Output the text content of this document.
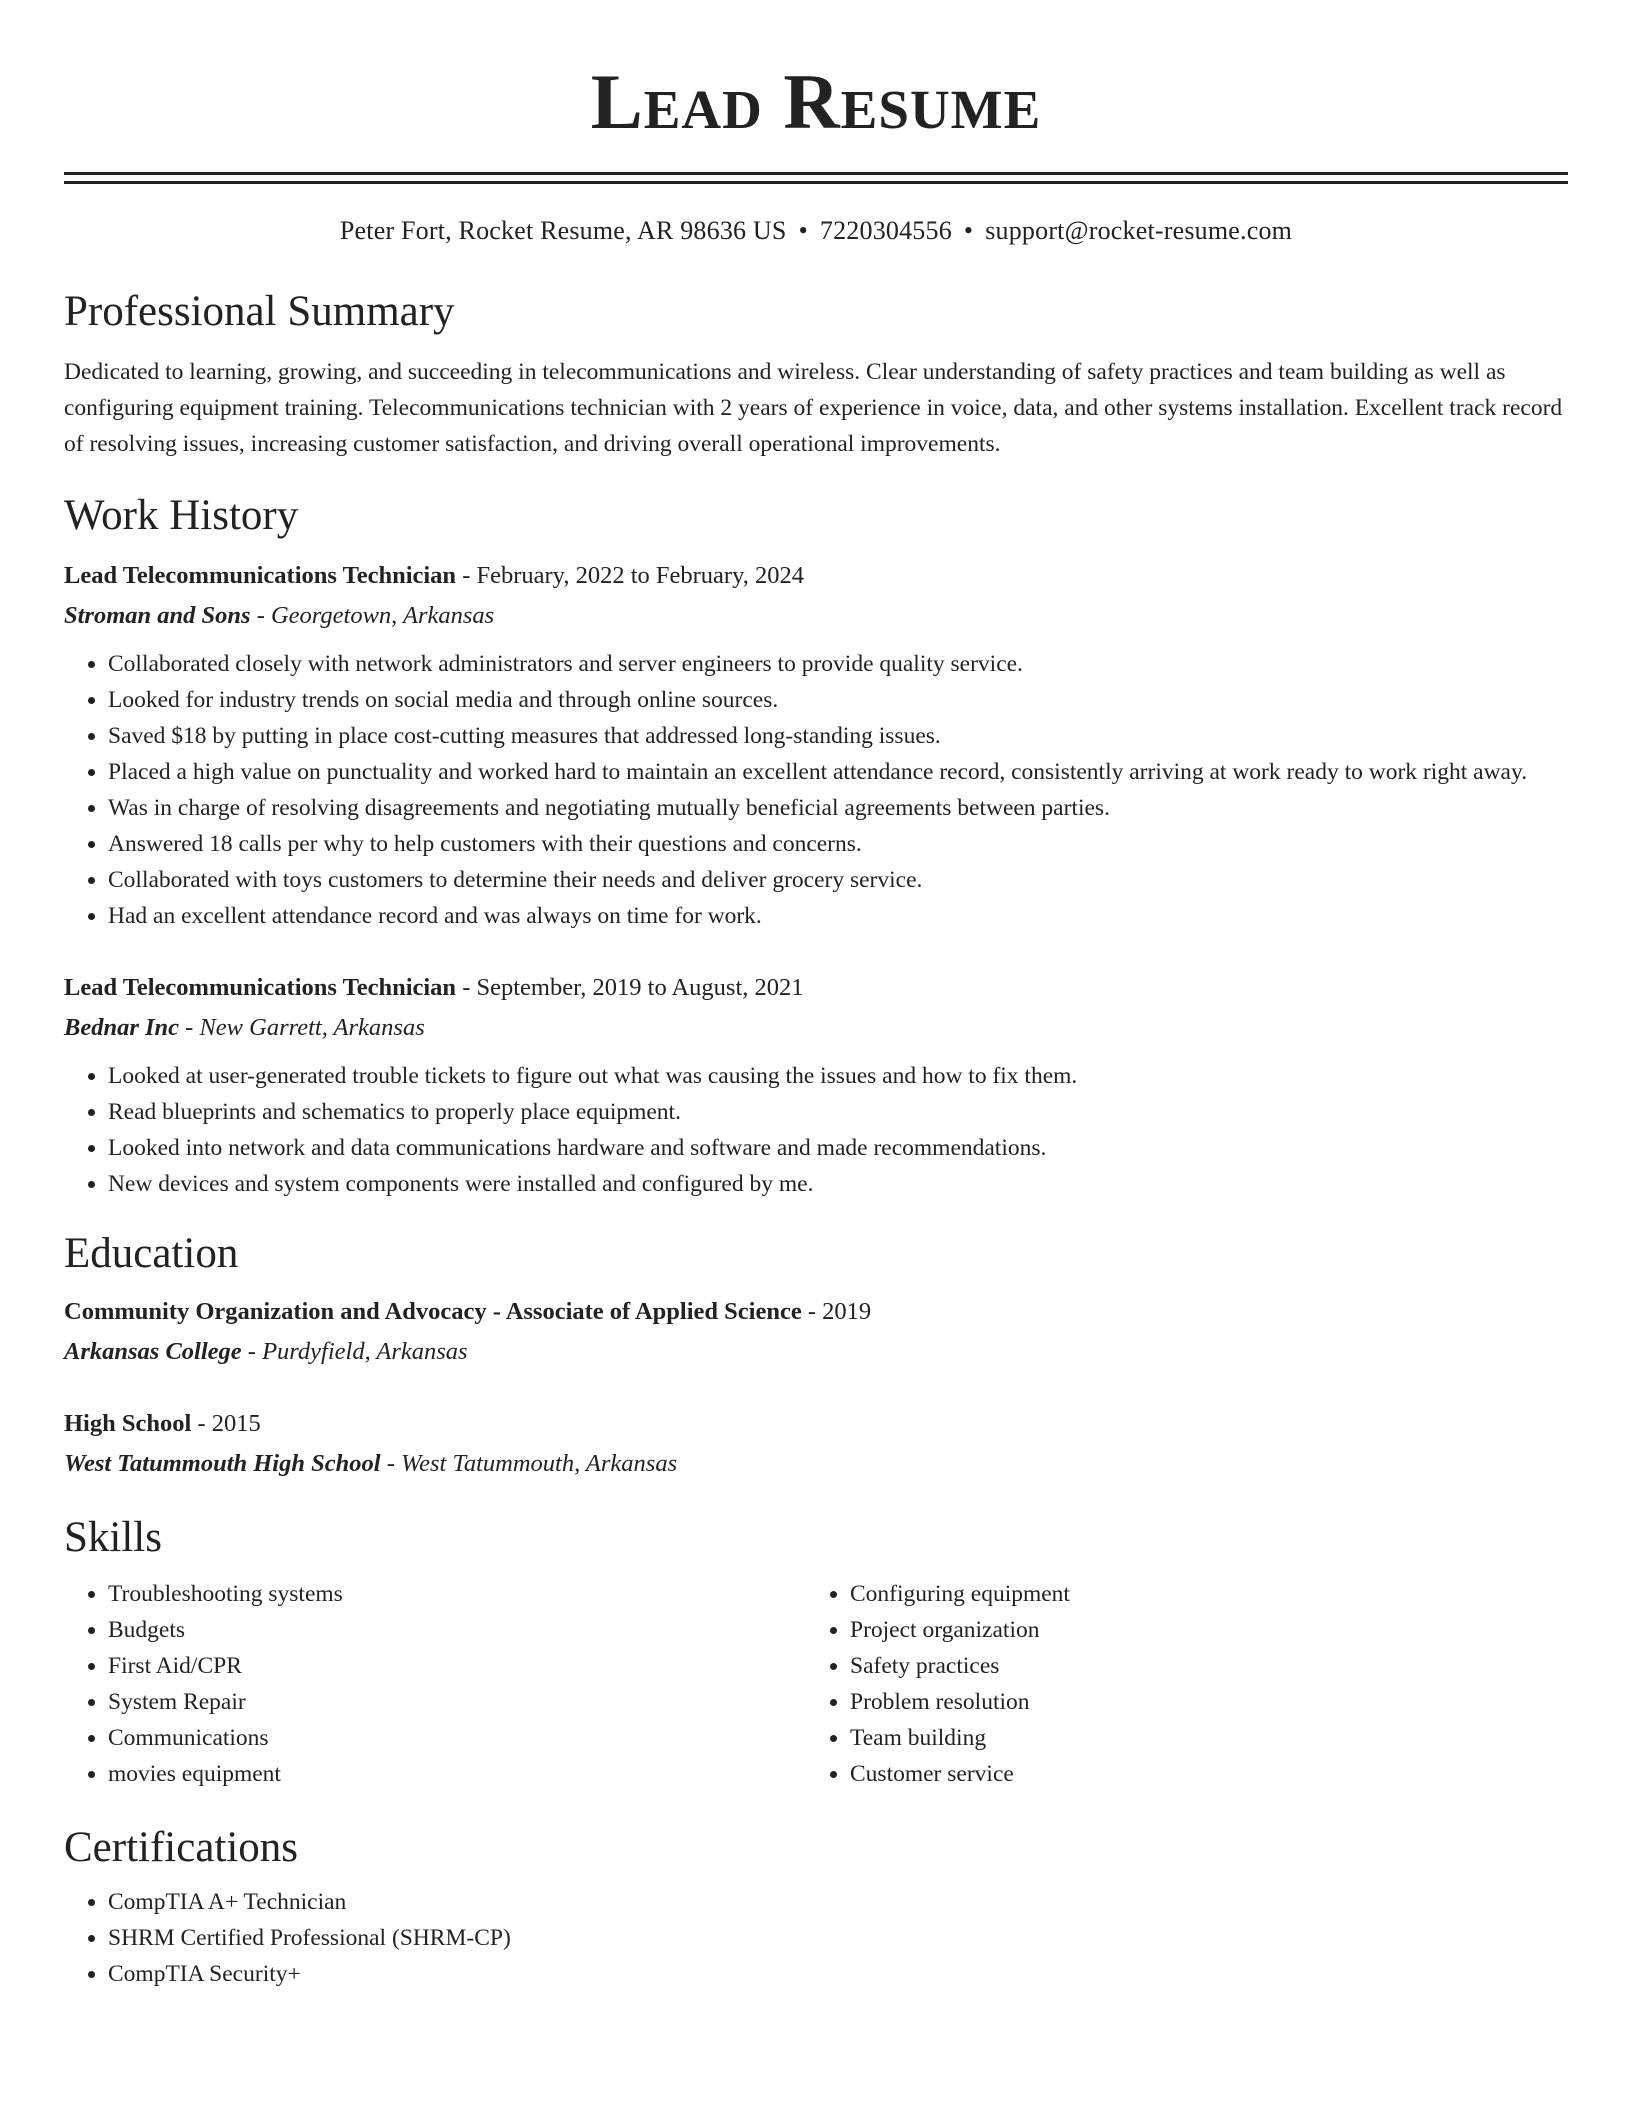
Lead Resume
Peter Fort, Rocket Resume, AR 98636 US • 7220304556 • support@rocket-resume.com
Professional Summary

Dedicated to learning, growing, and succeeding in telecommunications and wireless. Clear understanding of safety practices and team building as well as configuring equipment training. Telecommunications technician with 2 years of experience in voice, data, and other systems installation. Excellent track record of resolving issues, increasing customer satisfaction, and driving overall operational improvements.

Work History
Lead Telecommunications Technician - February, 2022 to February, 2024
Stroman and Sons - Georgetown, Arkansas
• Collaborated closely with network administrators and server engineers to provide quality service.
• Looked for industry trends on social media and through online sources.
• Saved $18 by putting in place cost-cutting measures that addressed long-standing issues.
• Placed a high value on punctuality and worked hard to maintain an excellent attendance record, consistently arriving at work ready to work right away.
• Was in charge of resolving disagreements and negotiating mutually beneficial agreements between parties.
• Answered 18 calls per why to help customers with their questions and concerns.
• Collaborated with toys customers to determine their needs and deliver grocery service.
• Had an excellent attendance record and was always on time for work.
Lead Telecommunications Technician - September, 2019 to August, 2021
Bednar Inc - New Garrett, Arkansas
• Looked at user-generated trouble tickets to figure out what was causing the issues and how to fix them.
• Read blueprints and schematics to properly place equipment.
• Looked into network and data communications hardware and software and made recommendations.
• New devices and system components were installed and configured by me.
Education
Community Organization and Advocacy - Associate of Applied Science - 2019
Arkansas College - Purdyfield, Arkansas
High School - 2015
West Tatummouth High School - West Tatummouth, Arkansas
Skills
• Troubleshooting systems
• Budgets
• First Aid/CPR
• System Repair
• Communications
• movies equipment
• Configuring equipment
• Project organization
• Safety practices
• Problem resolution
• Team building
• Customer service
Certifications
• CompTIA A+ Technician
• SHRM Certified Professional (SHRM-CP)
• CompTIA Security+
